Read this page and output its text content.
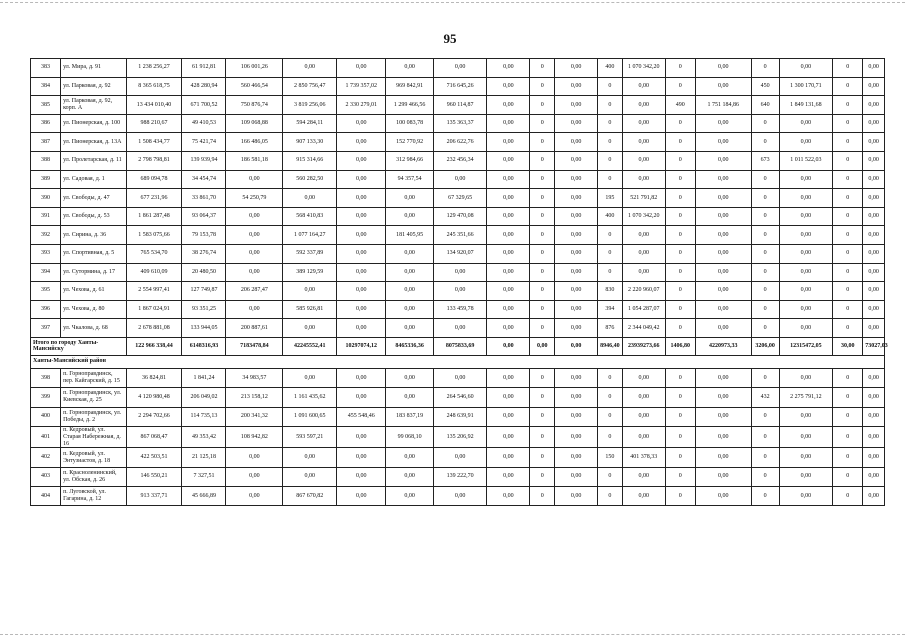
95
383	ул. Мира, д. 91	1 238 256,27	61 912,81	106 001,26	0,00	0,00	0,00	0,00	0,00	0	0,00	400	1 070 342,20	0	0,00	0	0,00	0	0,00
384	ул. Парковая, д. 92	8 365 618,75	428 280,94	560 466,54	2 850 756,47	1 739 357,02	969 842,91	716 645,26	0,00	0	0,00	0	0,00	0	0,00	450	1 300 170,71	0	0,00
385	ул. Парковая, д. 92, корп. А	13 434 010,40	671 700,52	750 876,74	3 819 256,06	2 330 279,01	1 299 466,56	960 114,87	0,00	0	0,00	0	0,00	490	1 751 184,86	640	1 849 131,68	0	0,00
386	ул. Пионерская, д. 100	988 210,67	49 410,53	109 068,88	594 284,11	0,00	100 083,78	135 363,37	0,00	0	0,00	0	0,00	0	0,00	0	0,00	0	0,00
387	ул. Пионерская, д. 13А	1 508 434,77	75 421,74	166 486,05	907 133,30	0,00	152 770,92	206 622,76	0,00	0	0,00	0	0,00	0	0,00	0	0,00	0	0,00
388	ул. Пролетарская, д. 11	2 798 798,81	139 939,94	186 581,18	915 314,66	0,00	312 984,66	232 456,34	0,00	0	0,00	0	0,00	0	0,00	673	1 011 522,03	0	0,00
389	ул. Садовая, д. 1	689 094,78	34 454,74	0,00	560 282,50	0,00	94 357,54	0,00	0,00	0	0,00	0	0,00	0	0,00	0	0,00	0	0,00
390	ул. Свободы, д. 47	677 231,96	33 861,70	54 250,79	0,00	0,00	0,00	67 329,65	0,00	0	0,00	195	521 791,82	0	0,00	0	0,00	0	0,00
391	ул. Свободы, д. 53	1 861 287,48	93 064,37	0,00	568 410,83	0,00	0,00	129 470,08	0,00	0	0,00	400	1 070 342,20	0	0,00	0	0,00	0	0,00
392	ул. Сирина, д. 36	1 583 075,66	79 153,78	0,00	1 077 164,27	0,00	181 405,95	245 351,66	0,00	0	0,00	0	0,00	0	0,00	0	0,00	0	0,00
393	ул. Спортивная, д. 5	765 534,70	38 276,74	0,00	592 337,89	0,00	0,00	134 920,07	0,00	0	0,00	0	0,00	0	0,00	0	0,00	0	0,00
394	ул. Сутормина, д. 17	409 610,09	20 480,50	0,00	389 129,59	0,00	0,00	0,00	0,00	0	0,00	0	0,00	0	0,00	0	0,00	0	0,00
395	ул. Чехова, д. 61	2 554 997,41	127 749,87	206 287,47	0,00	0,00	0,00	0,00	0,00	0	0,00	830	2 220 960,07	0	0,00	0	0,00	0	0,00
396	ул. Чехова, д. 80	1 867 024,91	93 351,25	0,00	585 926,81	0,00	0,00	133 459,78	0,00	0	0,00	394	1 054 287,07	0	0,00	0	0,00	0	0,00
397	ул. Чкалова, д. 68	2 678 881,08	133 944,05	200 887,61	0,00	0,00	0,00	0,00	0,00	0	0,00	876	2 344 049,42	0	0,00	0	0,00	0	0,00
Итого по городу Ханты-Мансийску		122 966 338,44	6148316,93	7183478,84	42245552,41	10297074,12	8465336,36	8075833,69	0,00	0,00	0,00	8946,40	23939273,66	1406,80	4220973,33	3206,00	12315472,05	30,00	73027,03
Ханты-Мансийский район																			
398	п. Горноправдинск, пер. Кайгарский, д. 15	36 824,81	1 841,24	34 983,57	0,00	0,00	0,00	0,00	0,00	0	0,00	0	0,00	0	0,00	0	0,00	0	0,00
399	п. Горноправдинск, ул. Киевская, д. 25	4 120 980,48	206 049,02	213 158,12	1 161 435,62	0,00	0,00	264 546,60	0,00	0	0,00	0	0,00	0	0,00	432	2 275 791,12	0	0,00
400	п. Горноправдинск, ул. Победы, д. 2	2 294 702,66	114 735,13	200 341,32	1 091 600,65	455 548,46	183 837,19	248 639,91	0,00	0	0,00	0	0,00	0	0,00	0	0,00	0	0,00
401	п. Кедровый, ул. Старая Набережная, д. 16	867 068,47	49 353,42	108 942,82	593 597,21	0,00	99 068,10	135 206,92	0,00	0	0,00	0	0,00	0	0,00	0	0,00	0	0,00
402	п. Кедровый, ул. Энтузиастов, д. 18	422 503,51	21 125,18	0,00	0,00	0,00	0,00	0,00	0,00	0	0,00	150	401 378,33	0	0,00	0	0,00	0	0,00
403	п. Красноленинский, ул. Обская, д. 26	146 550,21	7 327,51	0,00	0,00	0,00	0,00	139 222,70	0,00	0	0,00	0	0,00	0	0,00	0	0,00	0	0,00
404	п. Луговской, ул. Гагарина, д. 12	913 337,71	45 666,89	0,00	867 670,82	0,00	0,00	0,00	0,00	0	0,00	0	0,00	0	0,00	0	0,00	0	0,00
